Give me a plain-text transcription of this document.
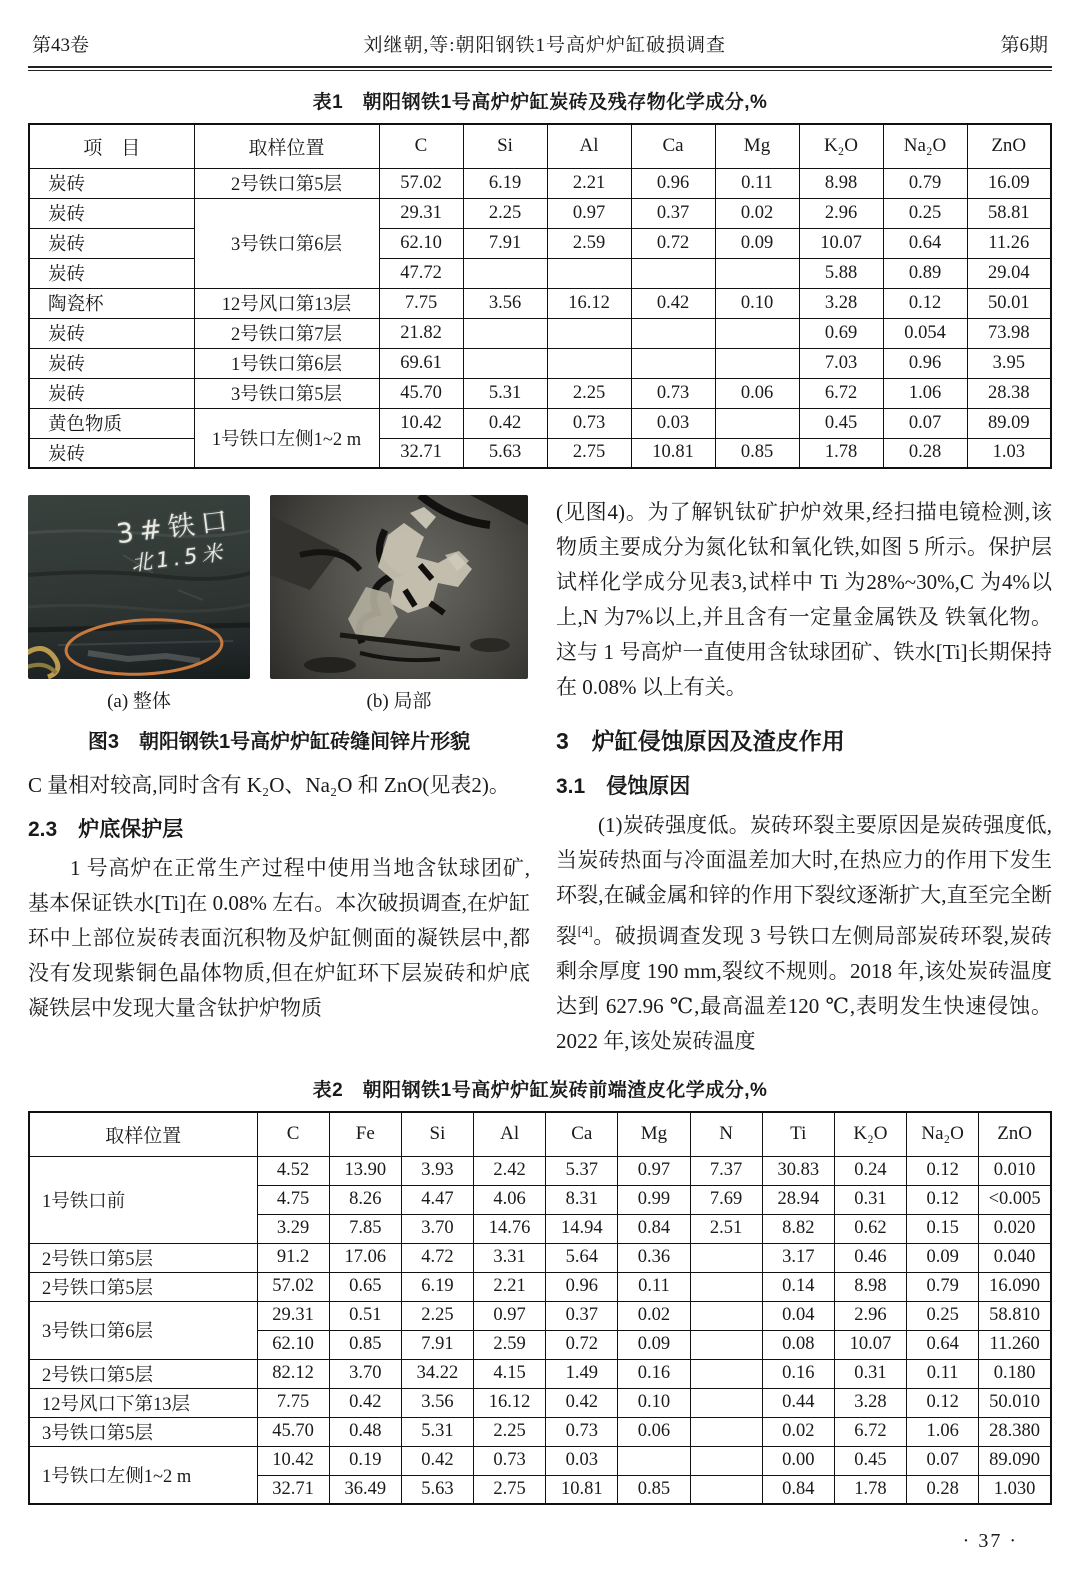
第43卷	刘继朝,等:朝阳钢铁1号高炉炉缸破损调查	第6期
表1　朝阳钢铁1号高炉炉缸炭砖及残存物化学成分,%
项　目	取样位置	C	Si	Al	Ca	Mg	K₂O	Na₂O	ZnO
炭砖	2号铁口第5层	57.02	6.19	2.21	0.96	0.11	8.98	0.79	16.09
炭砖	3号铁口第6层	29.31	2.25	0.97	0.37	0.02	2.96	0.25	58.81
炭砖		62.10	7.91	2.59	0.72	0.09	10.07	0.64	11.26
炭砖		47.72					5.88	0.89	29.04
陶瓷杯	12号风口第13层	7.75	3.56	16.12	0.42	0.10	3.28	0.12	50.01
炭砖	2号铁口第7层	21.82					0.69	0.054	73.98
炭砖	1号铁口第6层	69.61					7.03	0.96	3.95
炭砖	3号铁口第5层	45.70	5.31	2.25	0.73	0.06	6.72	1.06	28.38
黄色物质	1号铁口左侧1~2 m	10.42	0.42	0.73	0.03		0.45	0.07	89.09
炭砖		32.71	5.63	2.75	10.81	0.85	1.78	0.28	1.03
3#铁口
北1.5米
(a) 整体	(b) 局部
图3　朝阳钢铁1号高炉炉缸砖缝间锌片形貌

C 量相对较高,同时含有 K₂O、Na₂O 和 ZnO(见表2)。

2.3　炉底保护层

1 号高炉在正常生产过程中使用当地含钛球团矿,基本保证铁水[Ti]在 0.08% 左右。本次破损调查,在炉缸环中上部位炭砖表面沉积物及炉缸侧面的凝铁层中,都没有发现紫铜色晶体物质,但在炉缸环下层炭砖和炉底凝铁层中发现大量含钛护炉物质

(见图4)。为了解钒钛矿护炉效果,经扫描电镜检测,该物质主要成分为氮化钛和氧化铁,如图 5 所示。保护层试样化学成分见表3,试样中 Ti 为28%~30%,C 为4%以上,N 为7%以上,并且含有一定量金属铁及 铁氧化物。这与 1 号高炉一直使用含钛球团矿、铁水[Ti]长期保持在 0.08% 以上有关。

3　炉缸侵蚀原因及渣皮作用
3.1　侵蚀原因

(1)炭砖强度低。炭砖环裂主要原因是炭砖强度低,当炭砖热面与冷面温差加大时,在热应力的作用下发生环裂,在碱金属和锌的作用下裂纹逐渐扩大,直至完全断裂[4]。破损调查发现 3 号铁口左侧局部炭砖环裂,炭砖剩余厚度 190 mm,裂纹不规则。2018 年,该处炭砖温度达到 627.96 ℃,最高温差120 ℃,表明发生快速侵蚀。2022 年,该处炭砖温度

表2　朝阳钢铁1号高炉炉缸炭砖前端渣皮化学成分,%
取样位置	C	Fe	Si	Al	Ca	Mg	N	Ti	K₂O	Na₂O	ZnO
1号铁口前	4.52	13.90	3.93	2.42	5.37	0.97	7.37	30.83	0.24	0.12	0.010
	4.75	8.26	4.47	4.06	8.31	0.99	7.69	28.94	0.31	0.12	<0.005
	3.29	7.85	3.70	14.76	14.94	0.84	2.51	8.82	0.62	0.15	0.020
2号铁口第5层	91.2	17.06	4.72	3.31	5.64	0.36		3.17	0.46	0.09	0.040
2号铁口第5层	57.02	0.65	6.19	2.21	0.96	0.11		0.14	8.98	0.79	16.090
3号铁口第6层	29.31	0.51	2.25	0.97	0.37	0.02		0.04	2.96	0.25	58.810
	62.10	0.85	7.91	2.59	0.72	0.09		0.08	10.07	0.64	11.260
2号铁口第5层	82.12	3.70	34.22	4.15	1.49	0.16		0.16	0.31	0.11	0.180
12号风口下第13层	7.75	0.42	3.56	16.12	0.42	0.10		0.44	3.28	0.12	50.010
3号铁口第5层	45.70	0.48	5.31	2.25	0.73	0.06		0.02	6.72	1.06	28.380
1号铁口左侧1~2 m	10.42	0.19	0.42	0.73	0.03			0.00	0.45	0.07	89.090
	32.71	36.49	5.63	2.75	10.81	0.85		0.84	1.78	0.28	1.030
· 37 ·
